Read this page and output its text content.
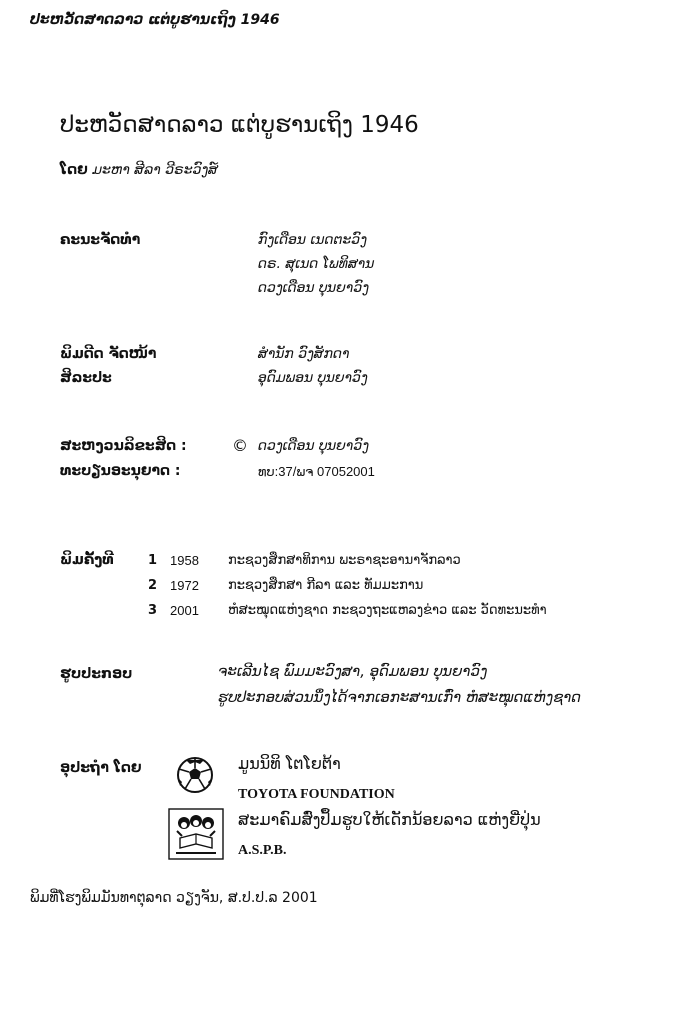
ປະຫວັດສາດລາວ ແຕ່ບູຮານເຖິງ 1946
ປະຫວັດສາດລາວ ແຕ່ບູຮານເຖິງ 1946
ໂດຍ ມະຫາ ສີລາ ວີຣະວົງສ໌
ຄະນະຈັດທຳ	ກົງເດືອນ ເນດຕະວົງ
ດຣ. ສຸເນດ ໂພທິສານ
ດວງເດືອນ ບຸນຍາວົງ
ພິມດີດ ຈັດໜ້າ	ສຳນັກ ວົງສັກດາ
ສິລະປະ	ອຸດົມພອນ ບຸນຍາວົງ
ສະຫງວນລິຂະສິດ :	© ດວງເດືອນ ບຸນຍາວົງ
ທະບຽນອະນຸຍາດ :	ທບ:37/ພຈ 07052001
ພິມຄັ້ງທີ	1 1958 ກະຊວງສຶກສາທິການ ພະຣາຊະອານາຈັກລາວ
2 1972 ກະຊວງສຶກສາ ກີລາ ແລະ ທັມມະການ
3 2001 ຫໍສະໝຸດແຫ່ງຊາດ ກະຊວງຖະແຫລງຂ່າວ ແລະ ວັດທະນະທຳ
ຮູບປະກອບ	ຈະເລີນໄຊ ພົມມະວົງສາ, ອຸດົມພອນ ບຸນຍາວົງ
ຮູບປະກອບສ່ວນນຶ່ງໄດ້ຈາກເອກະສານເກົ່າ ຫໍສະໝຸດແຫ່ງຊາດ
ອຸປະຖຳ ໂດຍ	ມູນນິທິ ໂຕໂຍຕ້າ
TOYOTA FOUNDATION
ສະມາຄົມສົ່ງປຶ້ມຮູບໃຫ້ເດັກນ້ອຍລາວ ແຫ່ງຍີ່ປຸ່ນ
A.S.P.B.
ພິມທີ່ໂຮງພິມມັນທາຕຸລາດ ວຽງຈັນ, ສ.ປ.ປ.ລ 2001
